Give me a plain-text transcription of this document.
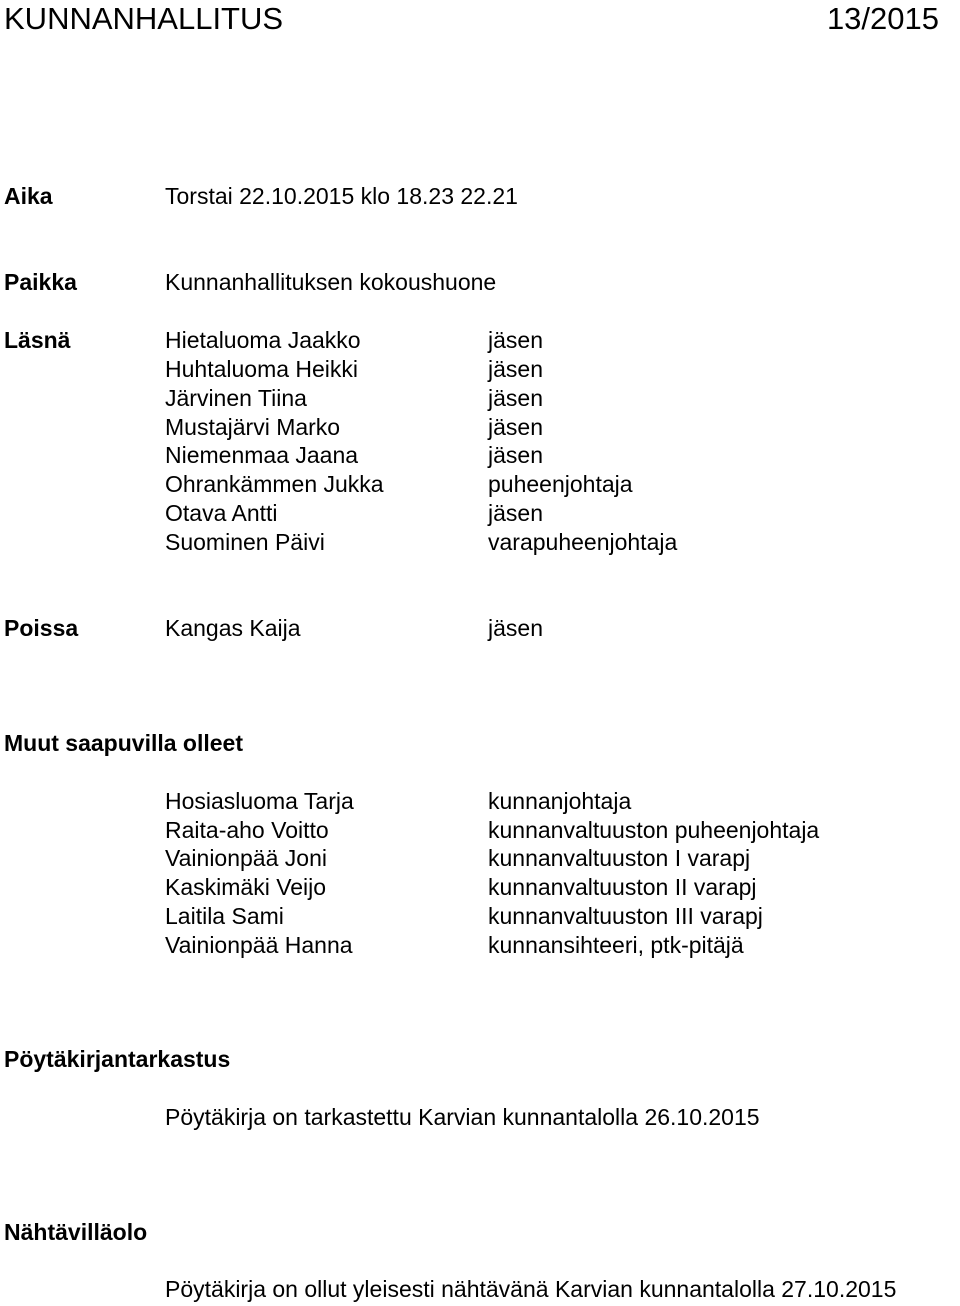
KUNNANHALLITUS	13/2015
Aika	Torstai 22.10.2015 klo 18.23 22.21
Paikka	Kunnanhallituksen kokoushuone
Läsnä	Hietaluoma Jaakko	jäsen
Huhtaluoma Heikki	jäsen
Järvinen Tiina	jäsen
Mustajärvi Marko	jäsen
Niemenmaa Jaana	jäsen
Ohrankämmen Jukka	puheenjohtaja
Otava Antti	jäsen
Suominen Päivi	varapuheenjohtaja
Poissa	Kangas Kaija	jäsen
Muut saapuvilla olleet
Hosiasluoma Tarja	kunnanjohtaja
Raita-aho Voitto	kunnanvaltuuston puheenjohtaja
Vainionpää Joni	kunnanvaltuuston I varapj
Kaskimäki Veijo	kunnanvaltuuston II varapj
Laitila Sami	kunnanvaltuuston III varapj
Vainionpää Hanna	kunnansihteeri, ptk-pitäjä
Pöytäkirjantarkastus
Pöytäkirja on tarkastettu Karvian kunnantalolla 26.10.2015
Nähtävilläolo
Pöytäkirja on ollut yleisesti nähtävänä Karvian kunnantalolla 27.10.2015
